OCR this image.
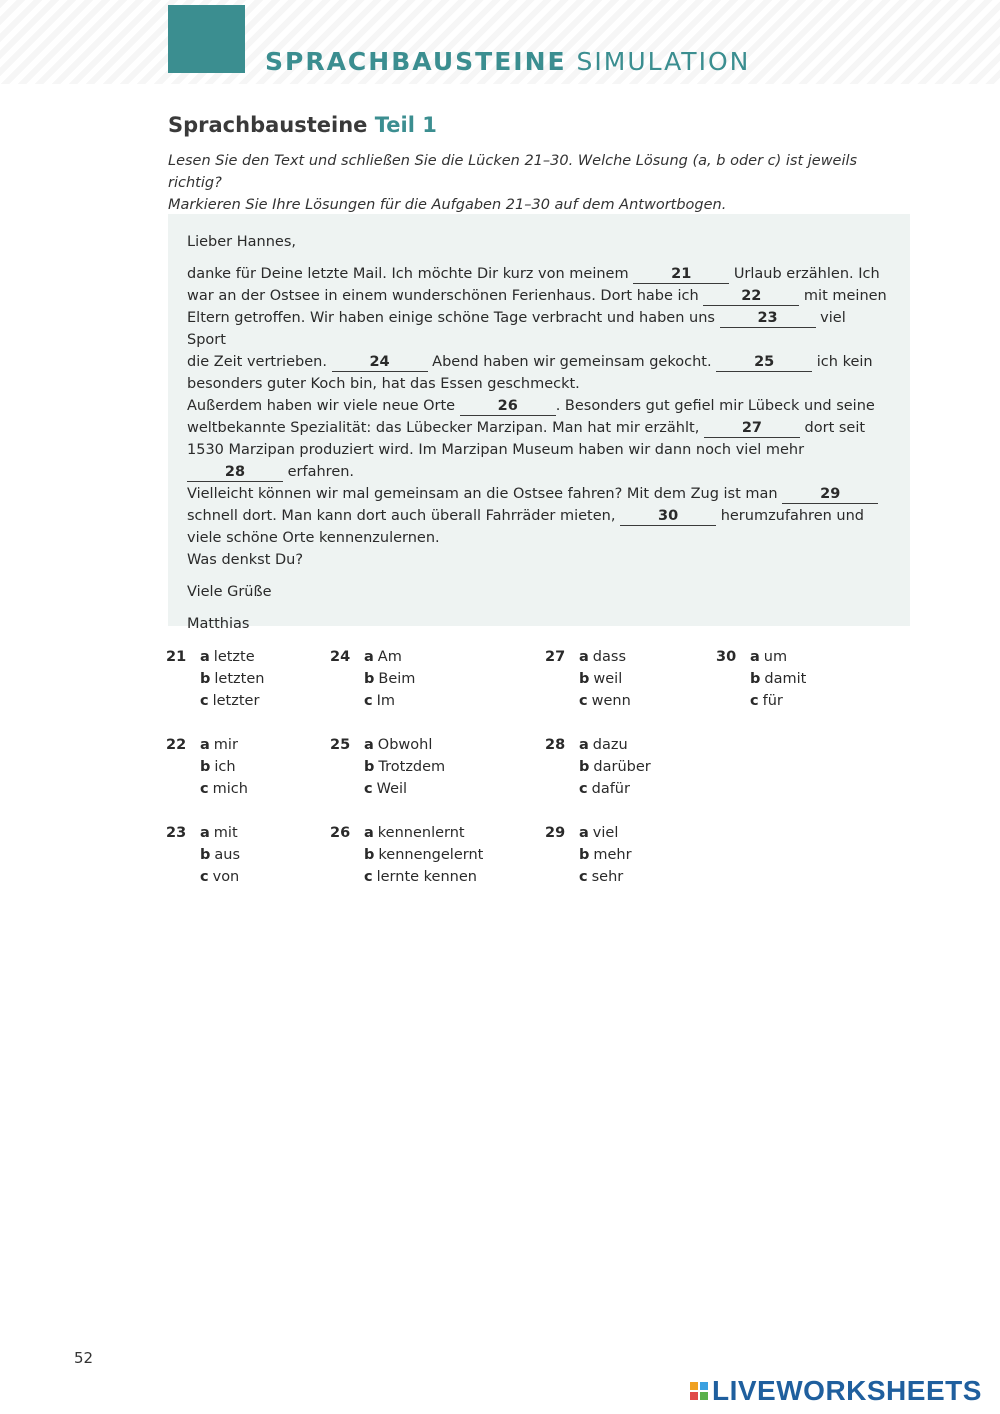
SPRACHBAUSTEINE SIMULATION
Sprachbausteine Teil 1
Lesen Sie den Text und schließen Sie die Lücken 21–30. Welche Lösung (a, b oder c) ist jeweils richtig?
Markieren Sie Ihre Lösungen für die Aufgaben 21–30 auf dem Antwortbogen.

Lieber Hannes,

danke für Deine letzte Mail. Ich möchte Dir kurz von meinem	21	Urlaub erzählen. Ich

war an der Ostsee in einem wunderschönen Ferienhaus. Dort habe ich	22	mit meinen

Eltern getroffen. Wir haben einige schöne Tage verbracht und haben uns	23	viel Sport

die Zeit vertrieben.	24	Abend haben wir gemeinsam gekocht.	25	ich kein

besonders guter Koch bin, hat das Essen geschmeckt.

Außerdem haben wir viele neue Orte	26	. Besonders gut gefiel mir Lübeck und seine

weltbekannte Spezialität: das Lübecker Marzipan. Man hat mir erzählt,	27	dort seit

1530 Marzipan produziert wird. Im Marzipan Museum haben wir dann noch viel mehr

28	erfahren.

Vielleicht können wir mal gemeinsam an die Ostsee fahren? Mit dem Zug ist man	29

schnell dort. Man kann dort auch überall Fahrräder mieten,	30	herumzufahren und

viele schöne Orte kennenzulernen.

Was denkst Du?

Viele Grüße

Matthias

21 a letzte
b letzten
c letzter
22 a mir
b ich
c mich
23 a mit
b aus
c von
24 a Am
b Beim
c Im
25 a Obwohl
b Trotzdem
c Weil
26 a kennenlernt
b kennengelernt
c lernte kennen
27 a dass
b weil
c wenn
28 a dazu
b darüber
c dafür
29 a viel
b mehr
c sehr
30 a um
b damit
c für
52
LIVEWORKSHEETS
